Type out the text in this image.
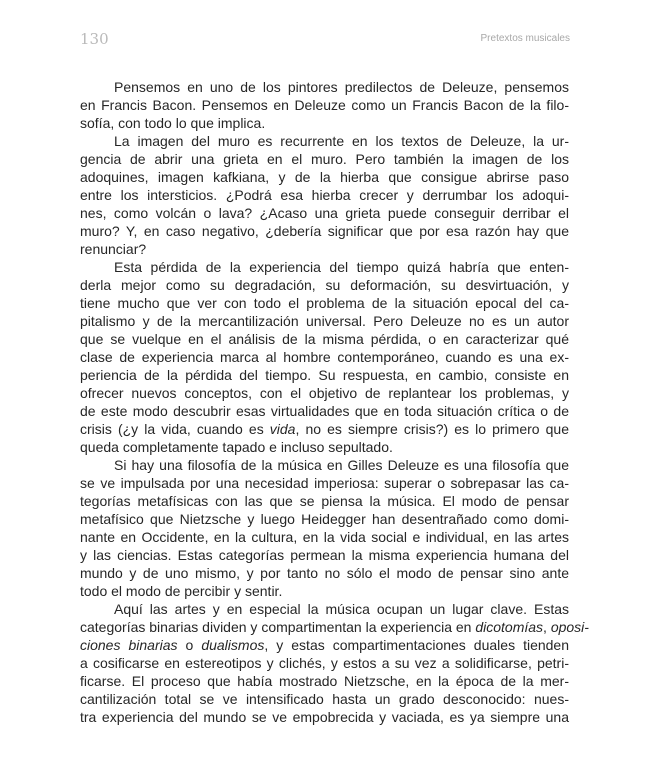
130	Pretextos musicales
Pensemos en uno de los pintores predilectos de Deleuze, pensemos
en Francis Bacon. Pensemos en Deleuze como un Francis Bacon de la filo-
sofía, con todo lo que implica.
La imagen del muro es recurrente en los textos de Deleuze, la ur-
gencia de abrir una grieta en el muro. Pero también la imagen de los
adoquines, imagen kafkiana, y de la hierba que consigue abrirse paso
entre los intersticios. ¿Podrá esa hierba crecer y derrumbar los adoqui-
nes, como volcán o lava? ¿Acaso una grieta puede conseguir derribar el
muro? Y, en caso negativo, ¿debería significar que por esa razón hay que
renunciar?
Esta pérdida de la experiencia del tiempo quizá habría que enten-
derla mejor como su degradación, su deformación, su desvirtuación, y
tiene mucho que ver con todo el problema de la situación epocal del ca-
pitalismo y de la mercantilización universal. Pero Deleuze no es un autor
que se vuelque en el análisis de la misma pérdida, o en caracterizar qué
clase de experiencia marca al hombre contemporáneo, cuando es una ex-
periencia de la pérdida del tiempo. Su respuesta, en cambio, consiste en
ofrecer nuevos conceptos, con el objetivo de replantear los problemas, y
de este modo descubrir esas virtualidades que en toda situación crítica o de
crisis (¿y la vida, cuando es vida, no es siempre crisis?) es lo primero que
queda completamente tapado e incluso sepultado.
Si hay una filosofía de la música en Gilles Deleuze es una filosofía que
se ve impulsada por una necesidad imperiosa: superar o sobrepasar las ca-
tegorías metafísicas con las que se piensa la música. El modo de pensar
metafísico que Nietzsche y luego Heidegger han desentrañado como domi-
nante en Occidente, en la cultura, en la vida social e individual, en las artes
y las ciencias. Estas categorías permean la misma experiencia humana del
mundo y de uno mismo, y por tanto no sólo el modo de pensar sino ante
todo el modo de percibir y sentir.
Aquí las artes y en especial la música ocupan un lugar clave. Estas
categorías binarias dividen y compartimentan la experiencia en dicotomías, oposi-
ciones binarias o dualismos, y estas compartimentaciones duales tienden
a cosificarse en estereotipos y clichés, y estos a su vez a solidificarse, petri-
ficarse. El proceso que había mostrado Nietzsche, en la época de la mer-
cantilización total se ve intensificado hasta un grado desconocido: nues-
tra experiencia del mundo se ve empobrecida y vaciada, es ya siempre una
